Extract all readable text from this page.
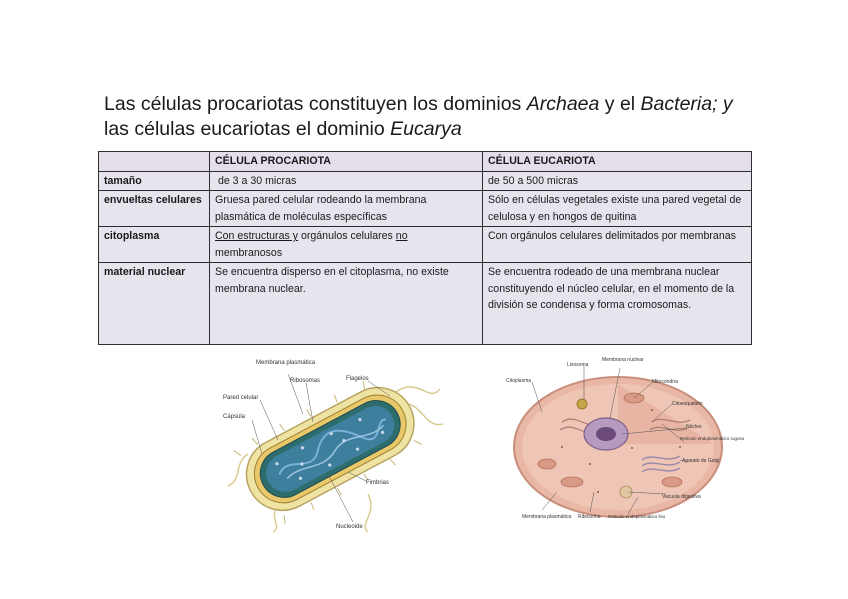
Las células procariotas constituyen los dominios Archaea y el Bacteria; y las células eucariotas el dominio Eucarya
	CÉLULA PROCARIOTA	CÉLULA EUCARIOTA
tamaño	de 3 a 30 micras	de 50 a 500 micras
envueltas celulares	Gruesa pared celular rodeando la membrana plasmática de moléculas específicas	Sólo en células vegetales existe una pared vegetal de celulosa y en hongos de quitina
citoplasma	Con estructuras y orgánulos celulares no membranosos	Con orgánulos celulares delimitados por membranas
material nuclear	Se encuentra disperso en el citoplasma, no existe membrana nuclear.	Se encuentra rodeado de una membrana nuclear constituyendo el núcleo celular, en el momento de la división se condensa y forma cromosomas.
Membrana plasmática
Ribosomas	Flagelos
Pared celular
Cápsula
Fimbrias
Nucleoide
Lisosoma
Membrana nuclear
Citoplasma	Mitocondria
Citoesqueleto
Núcleo
Retículo endoplasmático rugoso
Aparato de Golgi
Vacuola digestiva
Membrana plasmática Ribosoma Retículo endoplasmático liso
